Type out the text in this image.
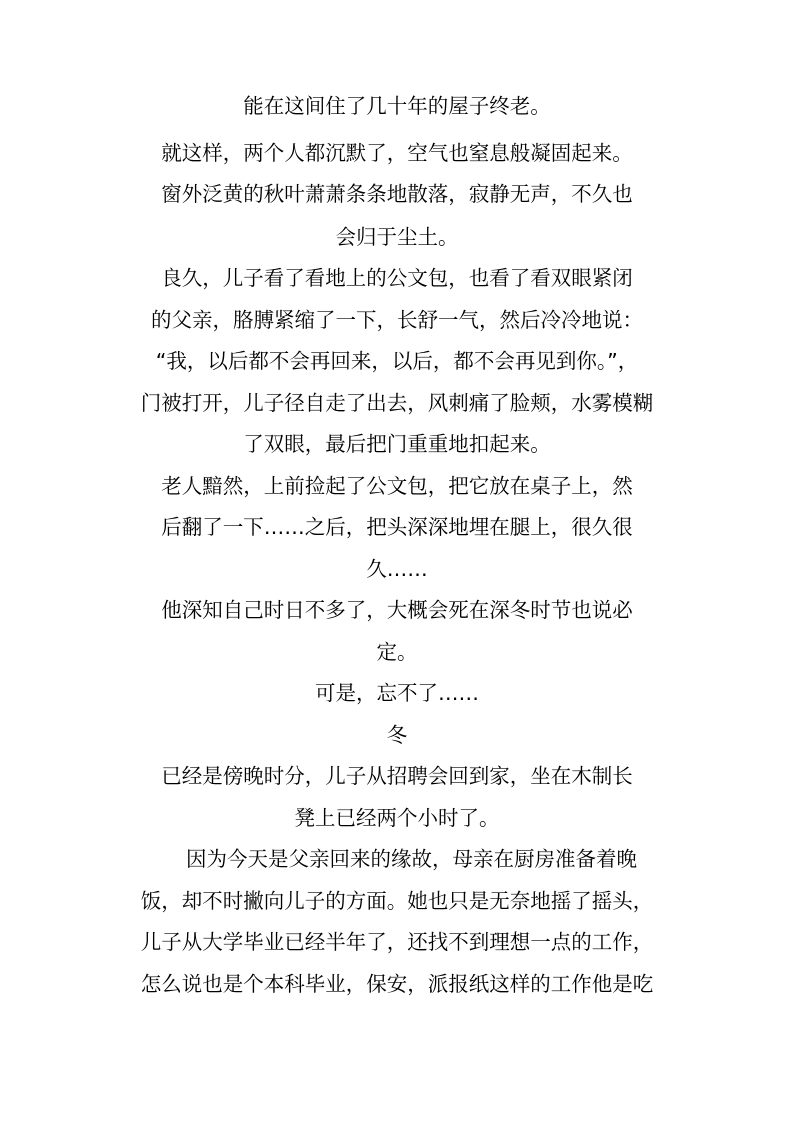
能在这间住了几十年的屋子终老。
就这样，两个人都沉默了，空气也窒息般凝固起来。
窗外泛黄的秋叶萧萧条条地散落，寂静无声，不久也
会归于尘土。
良久，儿子看了看地上的公文包，也看了看双眼紧闭
的父亲，胳膊紧缩了一下，长舒一气，然后冷冷地说：
“我，以后都不会再回来，以后，都不会再见到你。”，
门被打开，儿子径自走了出去，风刺痛了脸颊，水雾模糊
了双眼，最后把门重重地扣起来。
老人黯然，上前捡起了公文包，把它放在桌子上，然
后翻了一下……之后，把头深深地埋在腿上，很久很
久……
他深知自己时日不多了，大概会死在深冬时节也说必
定。
可是，忘不了……
冬
已经是傍晚时分，儿子从招聘会回到家，坐在木制长
凳上已经两个小时了。
因为今天是父亲回来的缘故，母亲在厨房准备着晚
饭，却不时撇向儿子的方面。她也只是无奈地摇了摇头，
儿子从大学毕业已经半年了，还找不到理想一点的工作，
怎么说也是个本科毕业，保安，派报纸这样的工作他是吃
